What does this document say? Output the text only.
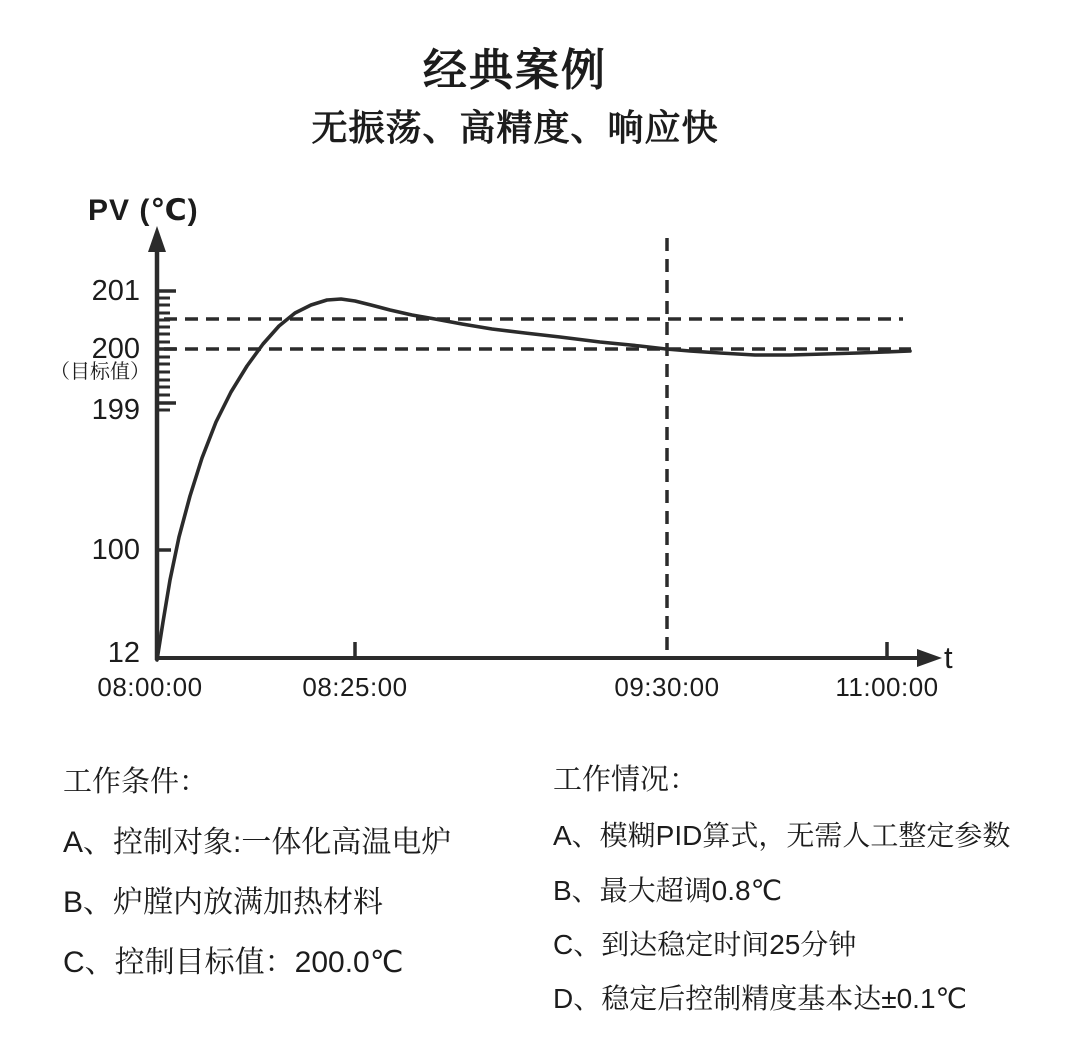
经典案例
无振荡、高精度、响应快
PV (℃)
201
200
（目标值）
199
100
12
08:00:00	08:25:00	09:30:00	11:00:00
t
工作条件：
A、控制对象:一体化高温电炉
B、炉膛内放满加热材料
C、控制目标值：200.0℃
工作情况：
A、模糊PID算式，无需人工整定参数
B、最大超调0.8℃
C、到达稳定时间25分钟
D、稳定后控制精度基本达±0.1℃
